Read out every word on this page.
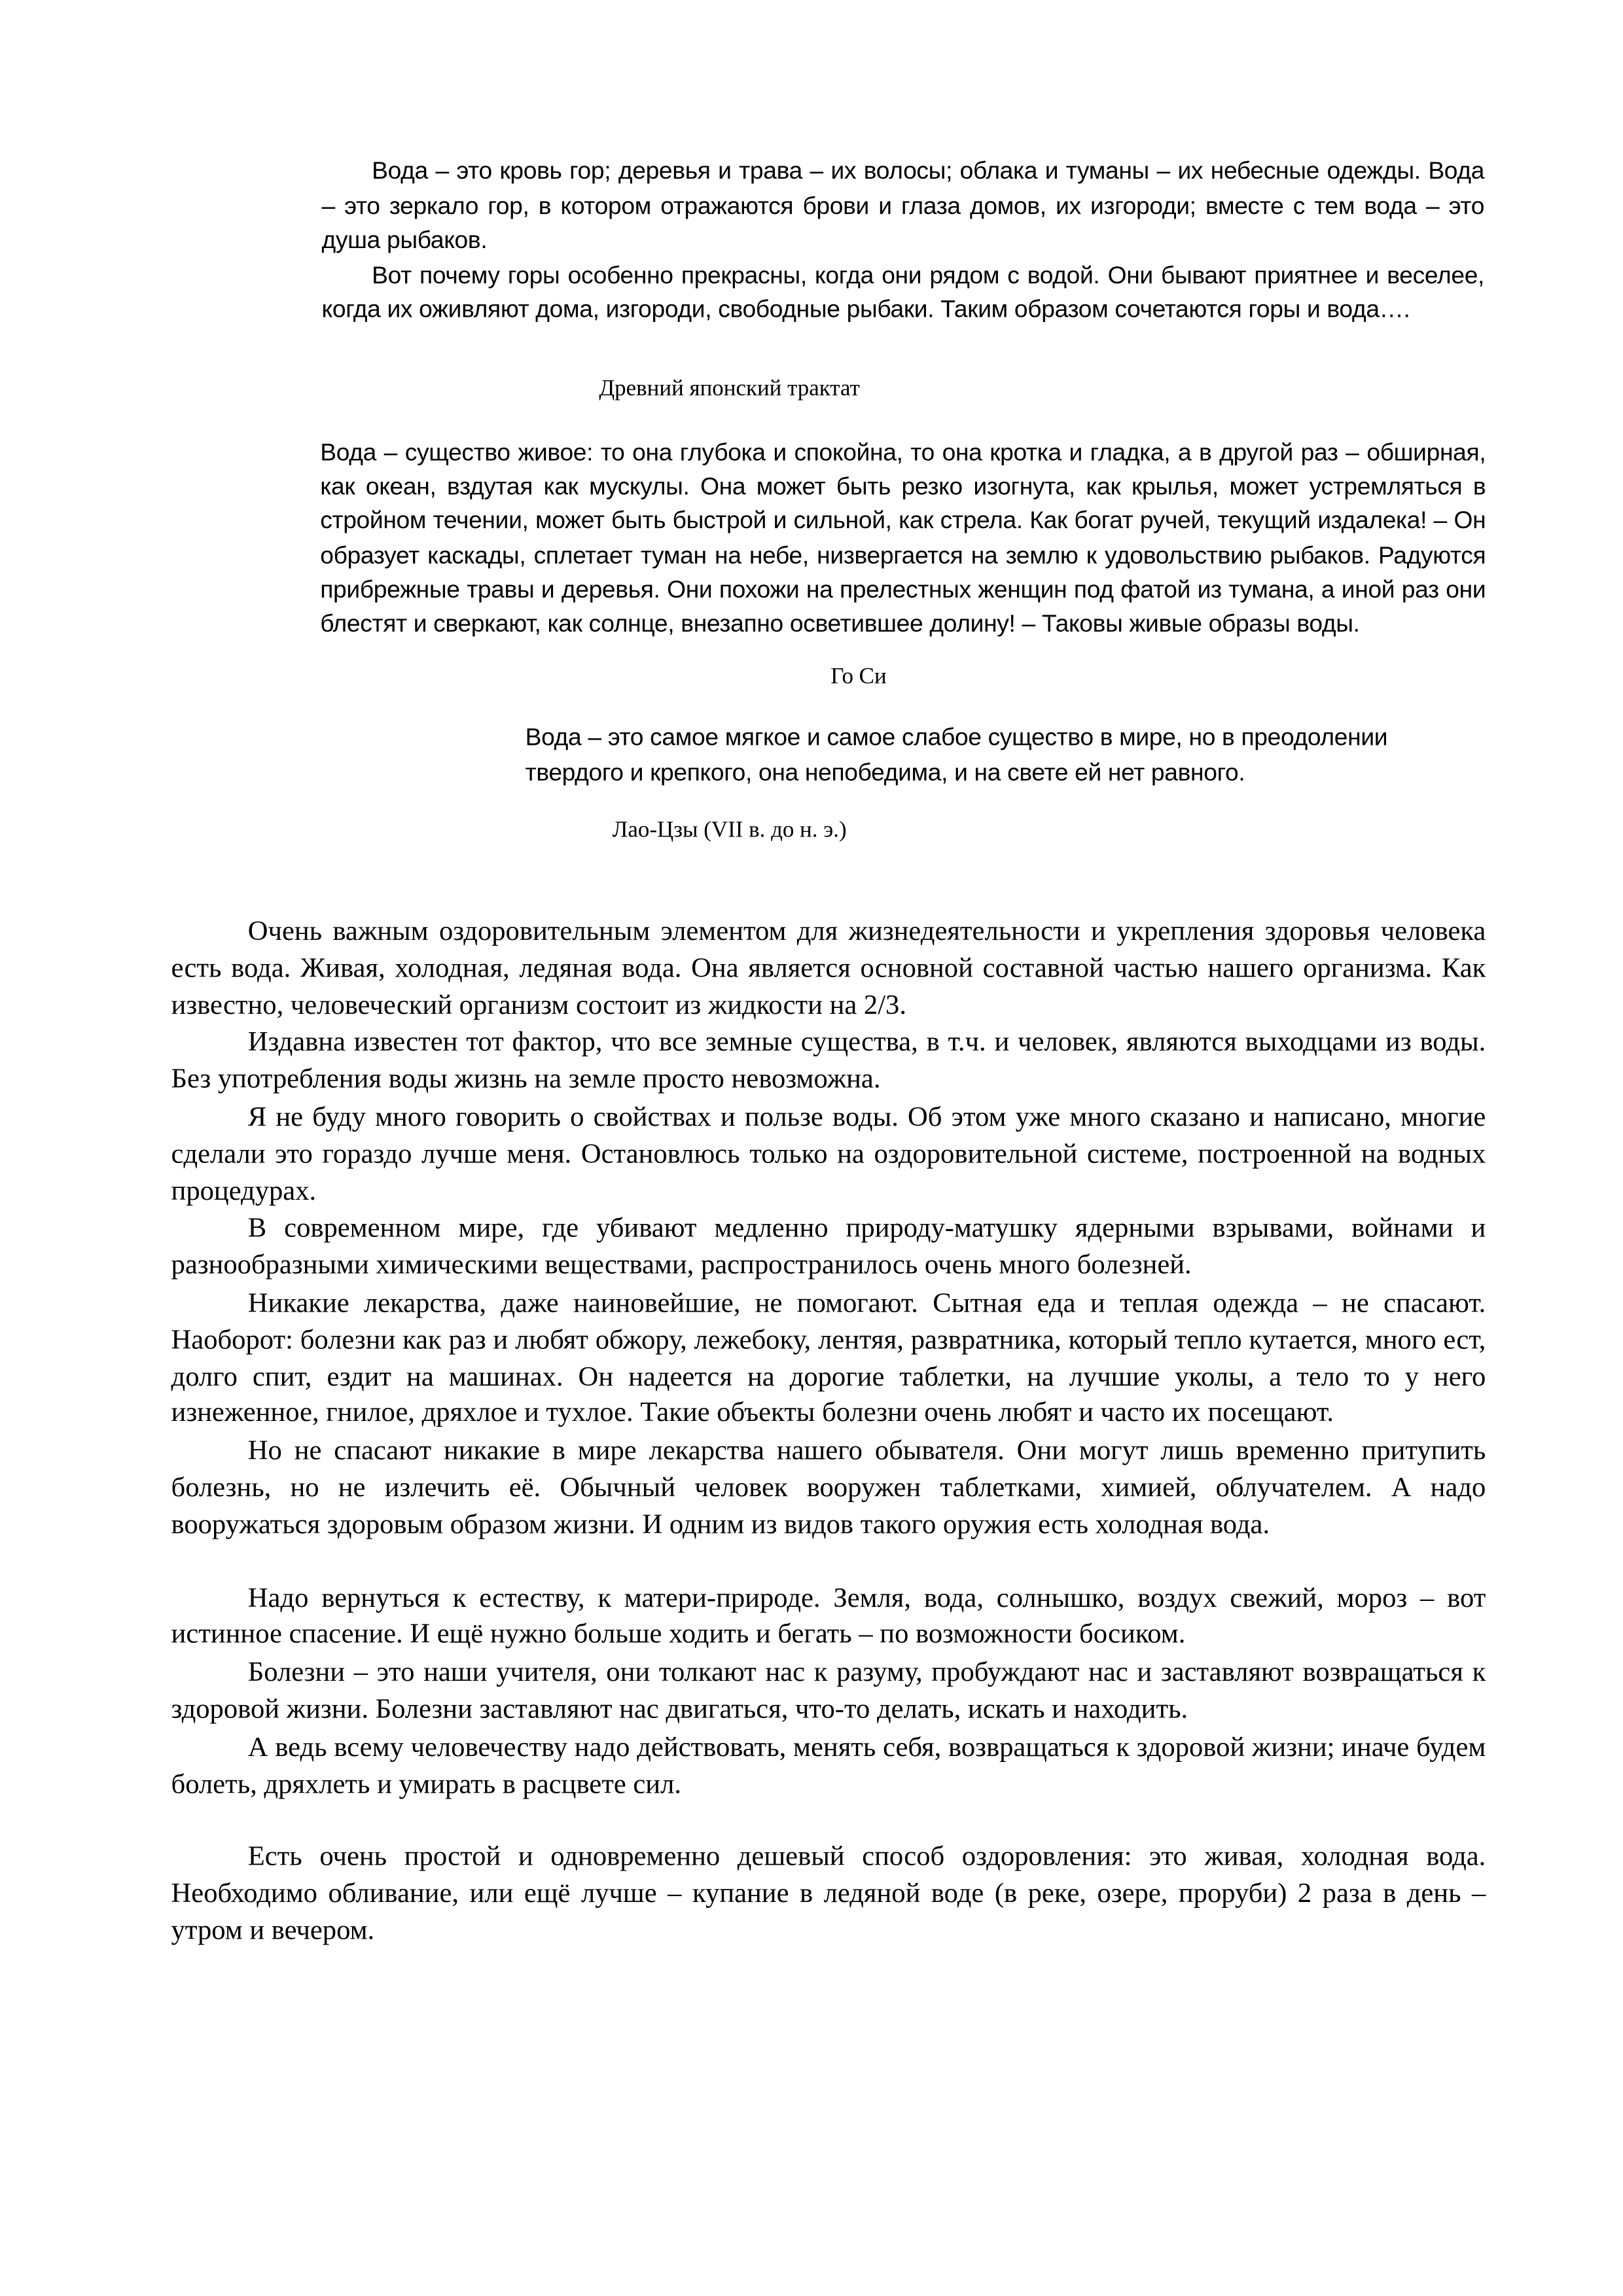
Вода – это кровь гор; деревья и трава – их волосы; облака и туманы – их небесные одежды. Вода – это зеркало гор, в котором отражаются брови и глаза домов, их изгороди; вместе с тем вода – это душа рыбаков.

Вот почему горы особенно прекрасны, когда они рядом с водой. Они бывают приятнее и веселее, когда их оживляют дома, изгороди, свободные рыбаки. Таким образом сочетаются горы и вода….

Древний японский трактат

Вода – существо живое: то она глубока и спокойна, то она кротка и гладка, а в другой раз – обширная, как океан, вздутая как мускулы. Она может быть резко изогнута, как крылья, может устремляться в стройном течении, может быть быстрой и сильной, как стрела. Как богат ручей, текущий издалека! – Он образует каскады, сплетает туман на небе, низвергается на землю к удовольствию рыбаков. Радуются прибрежные травы и деревья. Они похожи на прелестных женщин под фатой из тумана, а иной раз они блестят и сверкают, как солнце, внезапно осветившее долину! – Таковы живые образы воды.

Го Си

Вода – это самое мягкое и самое слабое существо в мире, но в преодолении твердого и крепкого, она непобедима, и на свете ей нет равного.

Лао-Цзы (VII в. до н. э.)

Очень важным оздоровительным элементом для жизнедеятельности и укрепления здоровья человека есть вода. Живая, холодная, ледяная вода. Она является основной составной частью нашего организма. Как известно, человеческий организм состоит из жидкости на 2/3.

Издавна известен тот фактор, что все земные существа, в т.ч. и человек, являются выходцами из воды. Без употребления воды жизнь на земле просто невозможна.

Я не буду много говорить о свойствах и пользе воды. Об этом уже много сказано и написано, многие сделали это гораздо лучше меня. Остановлюсь только на оздоровительной системе, построенной на водных процедурах.

В современном мире, где убивают медленно природу-матушку ядерными взрывами, войнами и разнообразными химическими веществами, распространилось очень много болезней.

Никакие лекарства, даже наиновейшие, не помогают. Сытная еда и теплая одежда – не спасают. Наоборот: болезни как раз и любят обжору, лежебоку, лентяя, развратника, который тепло кутается, много ест, долго спит, ездит на машинах. Он надеется на дорогие таблетки, на лучшие уколы, а тело то у него изнеженное, гнилое, дряхлое и тухлое. Такие объекты болезни очень любят и часто их посещают.

Но не спасают никакие в мире лекарства нашего обывателя. Они могут лишь временно притупить болезнь, но не излечить её. Обычный человек вооружен таблетками, химией, облучателем. А надо вооружаться здоровым образом жизни. И одним из видов такого оружия есть холодная вода.

Надо вернуться к естеству, к матери-природе. Земля, вода, солнышко, воздух свежий, мороз – вот истинное спасение. И ещё нужно больше ходить и бегать – по возможности босиком.

Болезни – это наши учителя, они толкают нас к разуму, пробуждают нас и заставляют возвращаться к здоровой жизни. Болезни заставляют нас двигаться, что-то делать, искать и находить.

А ведь всему человечеству надо действовать, менять себя, возвращаться к здоровой жизни; иначе будем болеть, дряхлеть и умирать в расцвете сил.

Есть очень простой и одновременно дешевый способ оздоровления: это живая, холодная вода. Необходимо обливание, или ещё лучше – купание в ледяной воде (в реке, озере, проруби) 2 раза в день – утром и вечером.
